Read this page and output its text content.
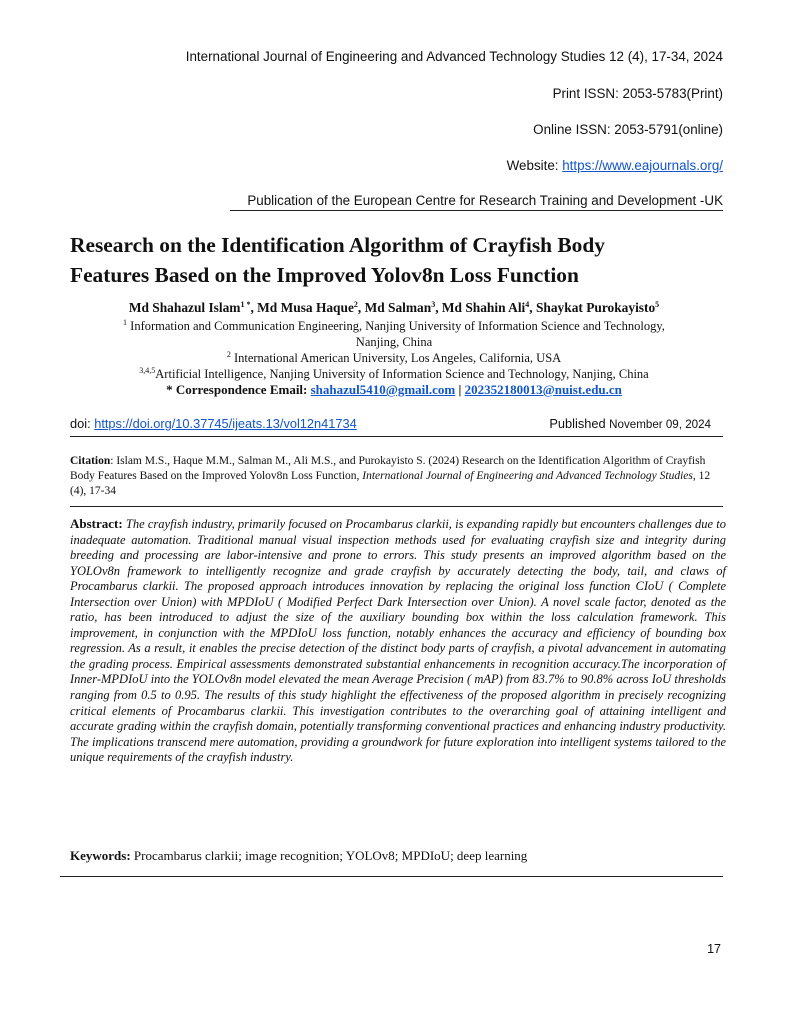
International Journal of Engineering and Advanced Technology Studies 12 (4), 17-34, 2024
Print ISSN: 2053-5783(Print)
Online ISSN: 2053-5791(online)
Website: https://www.eajournals.org/
Publication of the European Centre for Research Training and Development -UK
Research on the Identification Algorithm of Crayfish Body
Features Based on the Improved Yolov8n Loss Function
Md Shahazul Islam$^{1 *}$, Md Musa Haque$^2$, Md Salman$^3$, Md Shahin Ali$^4$, Shaykat Purokayisto$^5$
$^1$ Information and Communication Engineering, Nanjing University of Information Science and Technology,
Nanjing, China
$^2$ International American University, Los Angeles, California, USA
$^{3,4,5}$Artificial Intelligence, Nanjing University of Information Science and Technology, Nanjing, China
* Correspondence Email: shahazul5410@gmail.com | 202352180013@nuist.edu.cn
doi: https://doi.org/10.37745/ijeats.13/vol12n41734	Published November 09, 2024
Citation: Islam M.S., Haque M.M., Salman M., Ali M.S., and Purokayisto S. (2024) Research on the Identification Algorithm of Crayfish Body Features Based on the Improved Yolov8n Loss Function, International Journal of Engineering and Advanced Technology Studies, 12 (4), 17-34
Abstract: The crayfish industry, primarily focused on Procambarus clarkii, is expanding rapidly but encounters challenges due to inadequate automation. Traditional manual visual inspection methods used for evaluating crayfish size and integrity during breeding and processing are labor-intensive and prone to errors. This study presents an improved algorithm based on the YOLOv8n framework to intelligently recognize and grade crayfish by accurately detecting the body, tail, and claws of Procambarus clarkii. The proposed approach introduces innovation by replacing the original loss function CIoU ( Complete Intersection over Union) with MPDIoU ( Modified Perfect Dark Intersection over Union). A novel scale factor, denoted as the ratio, has been introduced to adjust the size of the auxiliary bounding box within the loss calculation framework. This improvement, in conjunction with the MPDIoU loss function, notably enhances the accuracy and efficiency of bounding box regression. As a result, it enables the precise detection of the distinct body parts of crayfish, a pivotal advancement in automating the grading process. Empirical assessments demonstrated substantial enhancements in recognition accuracy.The incorporation of Inner-MPDIoU into the YOLOv8n model elevated the mean Average Precision ( mAP) from 83.7% to 90.8% across IoU thresholds ranging from 0.5 to 0.95. The results of this study highlight the effectiveness of the proposed algorithm in precisely recognizing critical elements of Procambarus clarkii. This investigation contributes to the overarching goal of attaining intelligent and accurate grading within the crayfish domain, potentially transforming conventional practices and enhancing industry productivity. The implications transcend mere automation, providing a groundwork for future exploration into intelligent systems tailored to the unique requirements of the crayfish industry.
Keywords: Procambarus clarkii; image recognition; YOLOv8; MPDIoU; deep learning
17
